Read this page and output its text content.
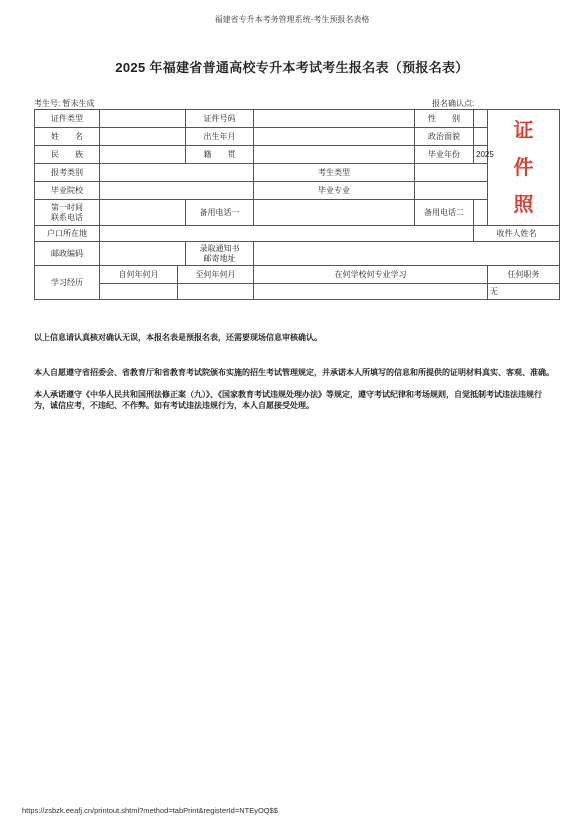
福建省专升本考务管理系统-考生预报名表格
2025 年福建省普通高校专升本考试考生报名表（预报名表）
考生号: 暂未生成	报名确认点:
证件类型			证件号码		性　　别		证
件
照

姓　　名			出生年月		政治面貌		
民　　族			籍　　贯		毕业年份	2025	
报考类别				考生类型			
毕业院校				毕业专业			

第一时间
联系电话			备用电话一		备用电话二		
户口所在地						收件人姓名	
邮政编码			录取通知书
邮寄地址				

学习经历	自何年何月	至何年何月		在何学校何专业学习			任何职务
							无
以上信息请认真核对确认无误，本报名表是预报名表，还需要现场信息审核确认。
本人自愿遵守省招委会、省教育厅和省教育考试院颁布实施的招生考试管理规定，并承诺本人所填写的信息和所提供的证明材料真实、客观、准确。
本人承诺遵守《中华人民共和国刑法修正案（九）》、《国家教育考试违规处理办法》等规定，遵守考试纪律和考场规则，自觉抵制考试违法违规行为，诚信应考，不违纪、不作弊。如有考试违法违规行为，本人自愿接受处理。
https://zsbzk.eeafj.cn/printout.shtml?method=tabPrint&registerId=NTEyOQ$$
